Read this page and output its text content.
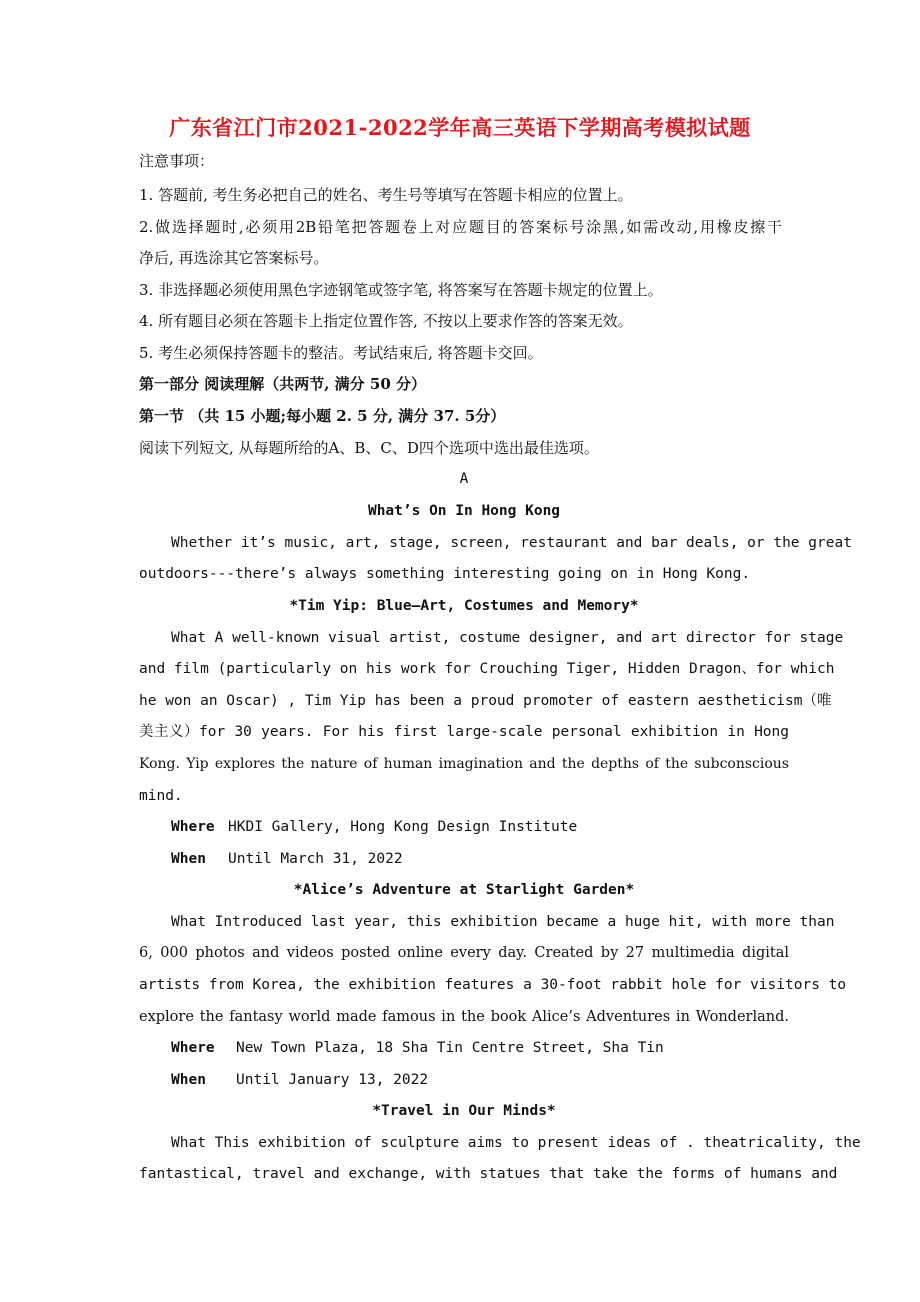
广东省江门市2021-2022学年高三英语下学期高考模拟试题
注意事项：
1. 答题前, 考生务必把自己的姓名、考生号等填写在答题卡相应的位置上。
2.做选择题时,必须用2B铅笔把答题卷上对应题目的答案标号涂黑,如需改动,用橡皮擦干
净后, 再选涂其它答案标号。
3. 非选择题必须使用黑色字迹钢笔或签字笔, 将答案写在答题卡规定的位置上。
4. 所有题目必须在答题卡上指定位置作答, 不按以上要求作答的答案无效。
5. 考生必须保持答题卡的整洁。考试结束后, 将答题卡交回。
第一部分 阅读理解（共两节, 满分 50 分）
第一节 （共 15 小题;每小题 2. 5 分, 满分 37. 5分）
阅读下列短文, 从每题所给的A、B、C、D四个选项中选出最佳选项。
A
What’s On In Hong Kong
Whether it’s music, art, stage, screen, restaurant and bar deals, or the great
outdoors---there’s always something interesting going on in Hong Kong.
*Tim Yip: Blue—Art, Costumes and Memory*
What A well-known visual artist, costume designer, and art director for stage
and film (particularly on his work for Crouching Tiger, Hidden Dragon、for which
he won an Oscar) , Tim Yip has been a proud promoter of eastern aestheticism（唯
美主义）for 30 years. For his first large-scale personal exhibition in Hong
Kong. Yip explores the nature of human imagination and the depths of the subconscious
mind.
Where HKDI Gallery, Hong Kong Design Institute
When Until March 31, 2022
*Alice’s Adventure at Starlight Garden*
What Introduced last year, this exhibition became a huge hit, with more than
6, 000 photos and videos posted online every day. Created by 27 multimedia digital
artists from Korea, the exhibition features a 30-foot rabbit hole for visitors to
explore the fantasy world made famous in the book Alice’s Adventures in Wonderland.
Where New Town Plaza, 18 Sha Tin Centre Street, Sha Tin
When Until January 13, 2022
*Travel in Our Minds*
What This exhibition of sculpture aims to present ideas of . theatricality, the
fantastical, travel and exchange, with statues that take the forms of humans and
